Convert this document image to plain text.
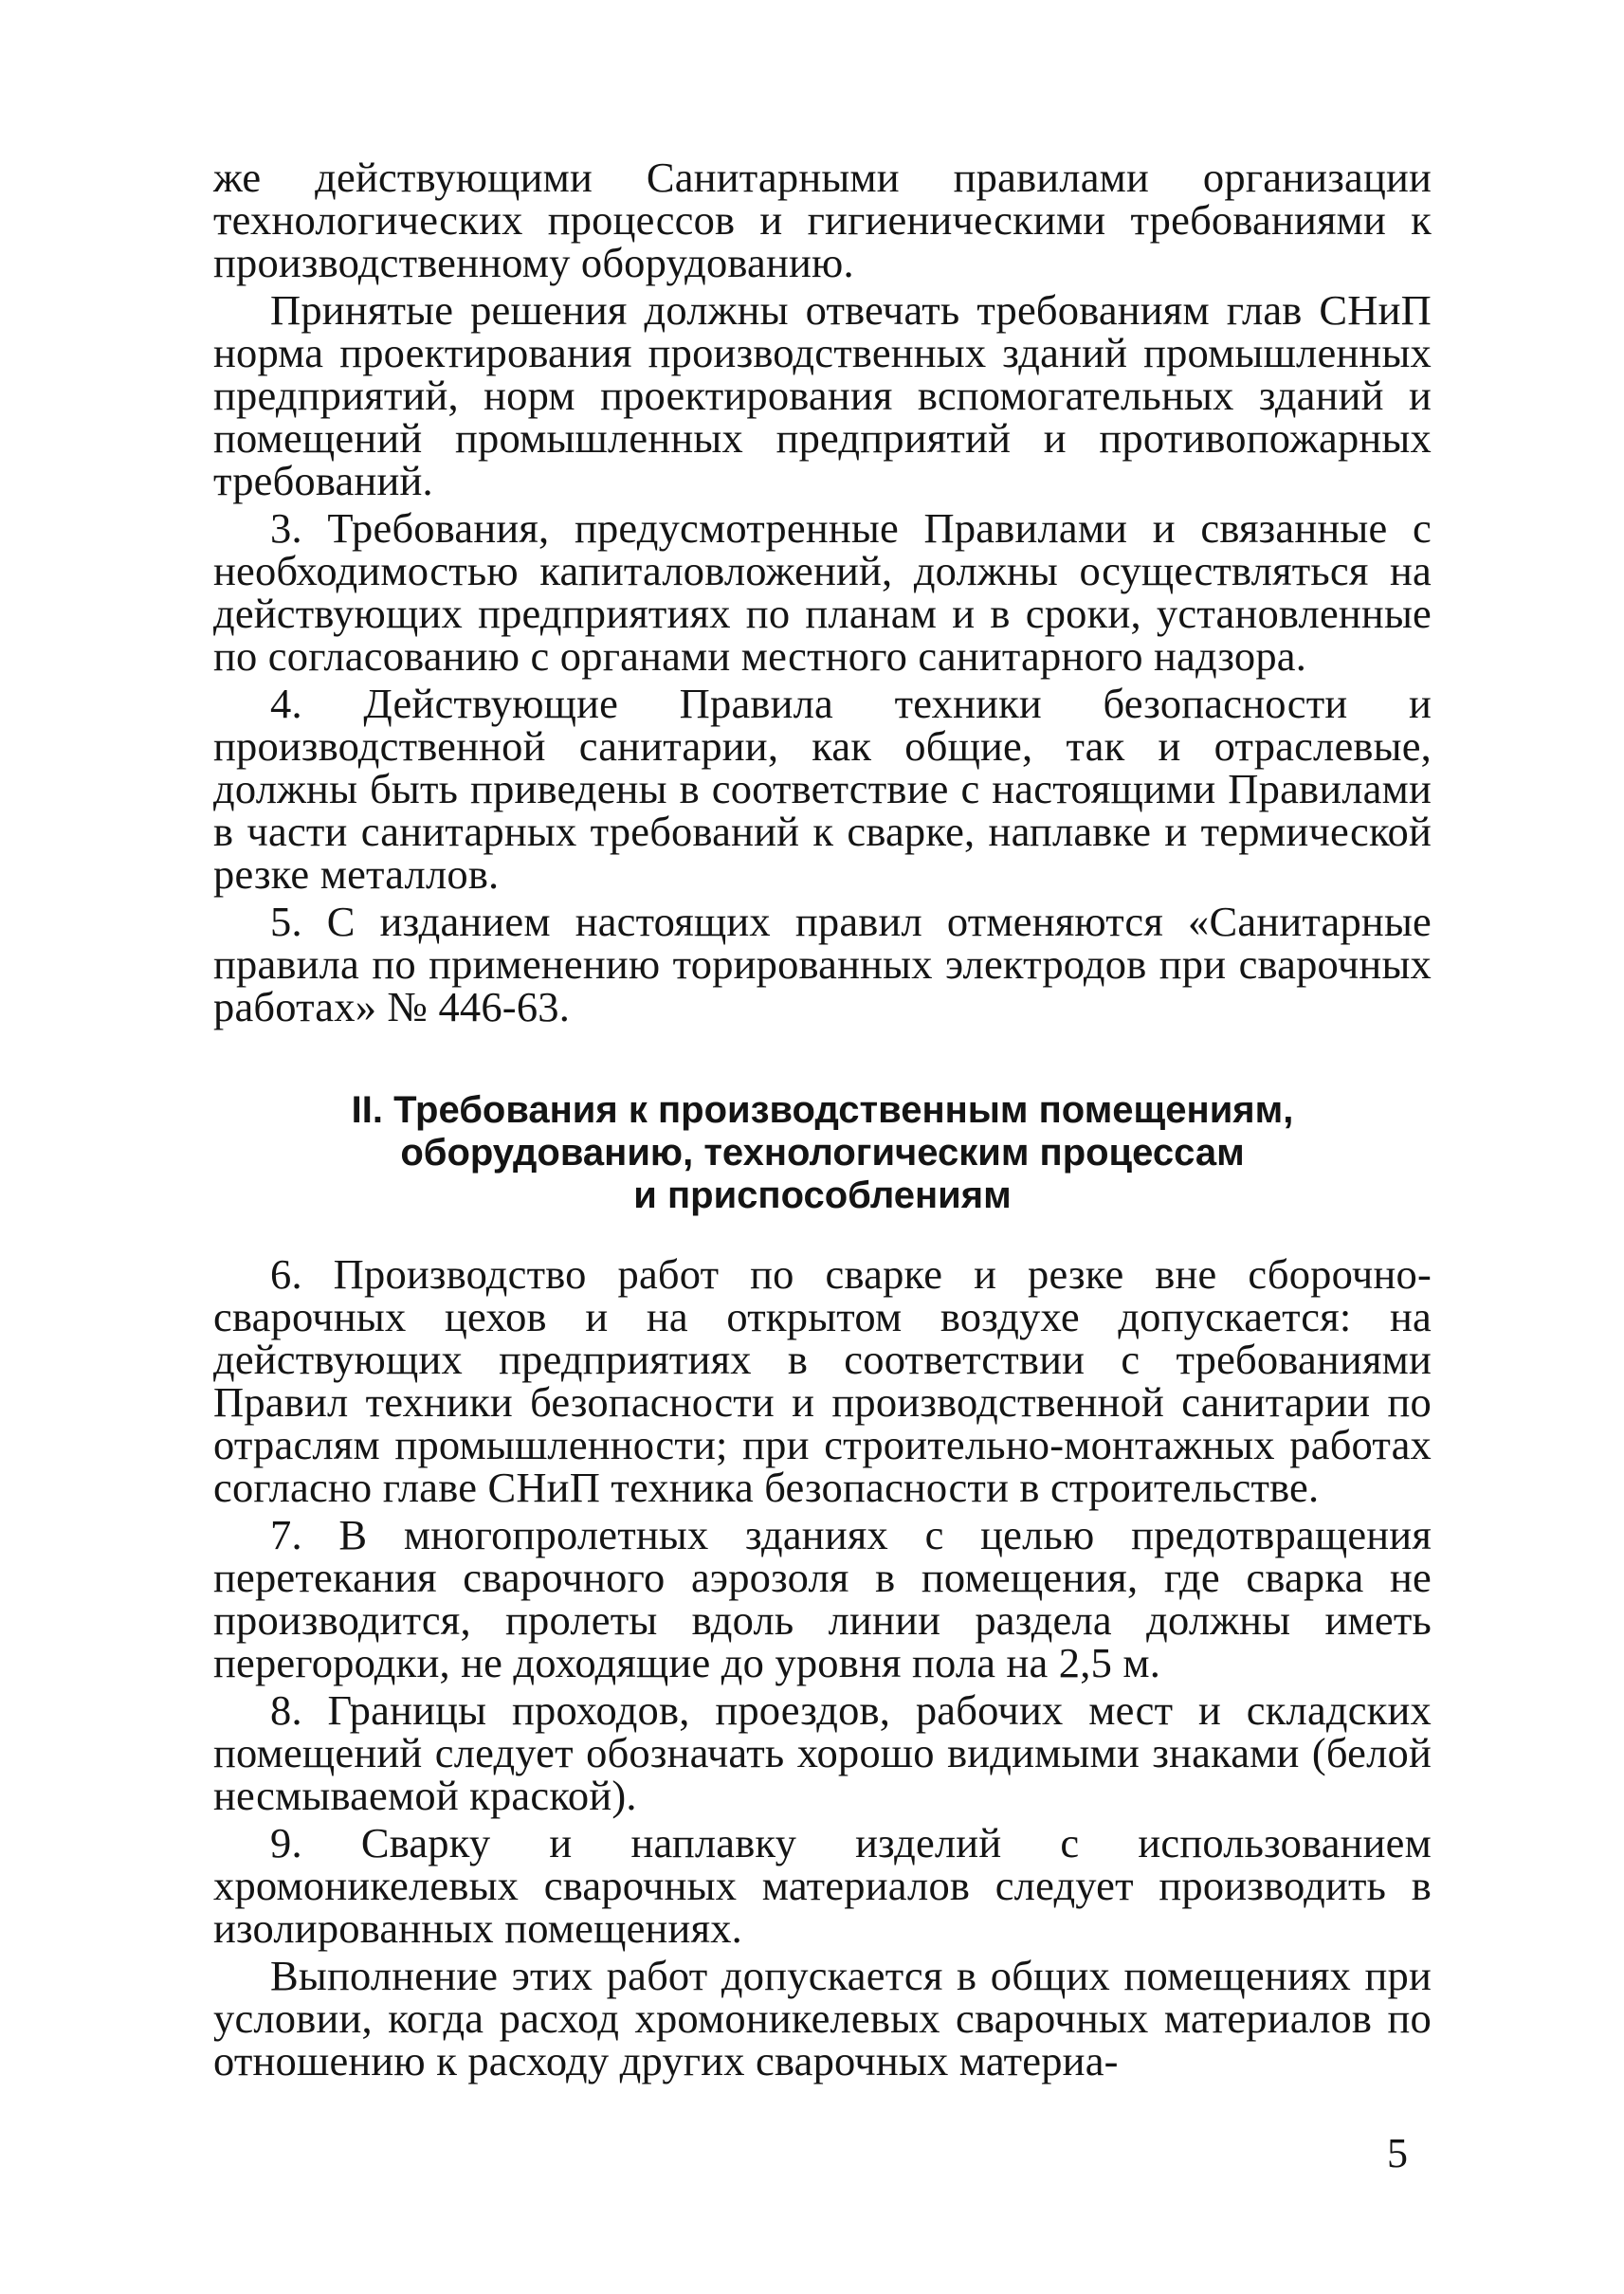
же действующими Санитарными правилами организации технологических процессов и гигиеническими требованиями к производственному оборудованию.

Принятые решения должны отвечать требованиям глав СНиП норма проектирования производственных зданий промышленных предприятий, норм проектирования вспомогательных зданий и помещений промышленных предприятий и противопожарных требований.

3. Требования, предусмотренные Правилами и связанные с необходимостью капиталовложений, должны осуществляться на действующих предприятиях по планам и в сроки, установленные по согласованию с органами местного санитарного надзора.

4. Действующие Правила техники безопасности и производственной санитарии, как общие, так и отраслевые, должны быть приведены в соответствие с настоящими Правилами в части санитарных требований к сварке, наплавке и термической резке металлов.

5. С изданием настоящих правил отменяются «Санитарные правила по применению торированных электродов при сварочных работах» № 446-63.

II. Требования к производственным помещениям,
оборудованию, технологическим процессам
и приспособлениям

6. Производство работ по сварке и резке вне сборочно-сварочных цехов и на открытом воздухе допускается: на действующих предприятиях в соответствии с требованиями Правил техники безопасности и производственной санитарии по отраслям промышленности; при строительно-монтажных работах согласно главе СНиП техника безопасности в строительстве.

7. В многопролетных зданиях с целью предотвращения перетекания сварочного аэрозоля в помещения, где сварка не производится, пролеты вдоль линии раздела должны иметь перегородки, не доходящие до уровня пола на 2,5 м.

8. Границы проходов, проездов, рабочих мест и складских помещений следует обозначать хорошо видимыми знаками (белой несмываемой краской).

9. Сварку и наплавку изделий с использованием хромоникелевых сварочных материалов следует производить в изолированных помещениях.

Выполнение этих работ допускается в общих помещениях при условии, когда расход хромоникелевых сварочных материалов по отношению к расходу других сварочных материа-

5
